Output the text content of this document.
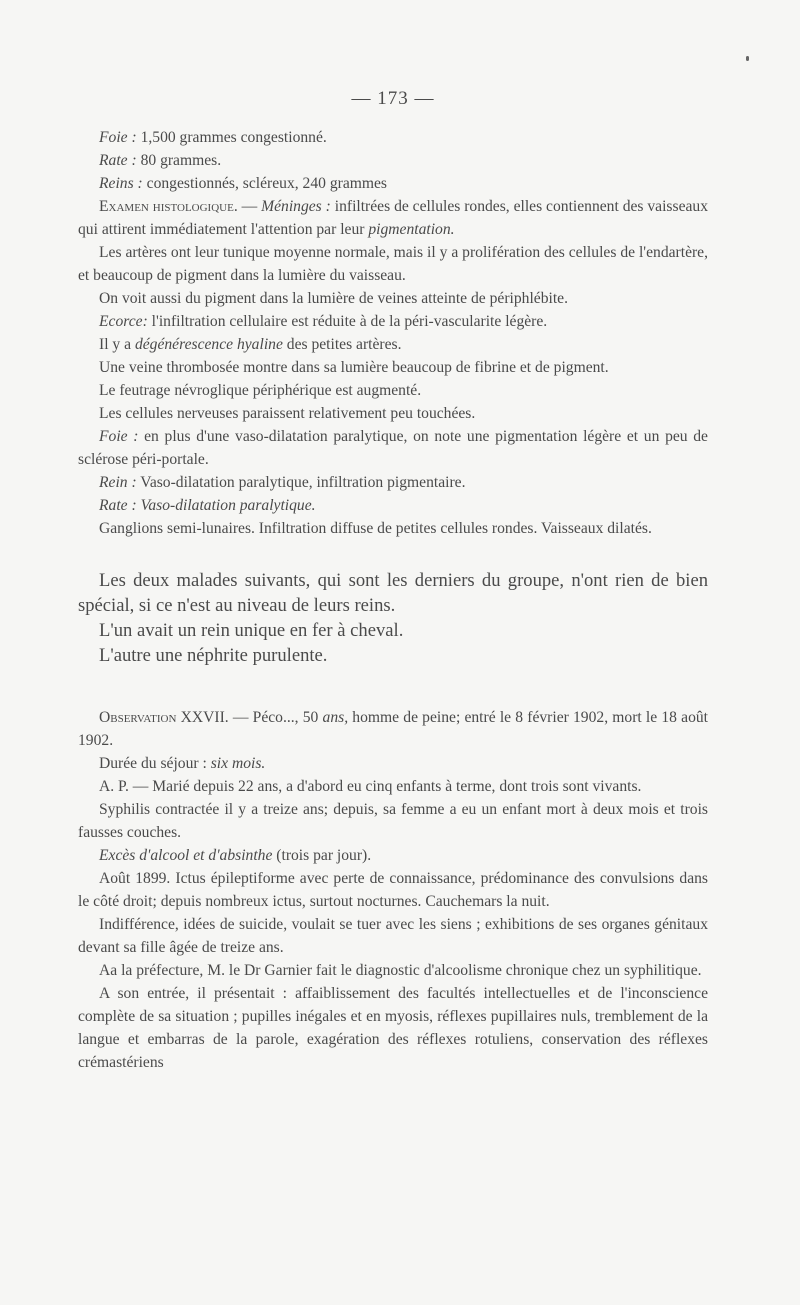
— 173 —

Foie : 1,500 grammes congestionné.

Rate : 80 grammes.

Reins : congestionnés, scléreux, 240 grammes

Examen histologique. — Méninges : infiltrées de cellules rondes, elles contiennent des vaisseaux qui attirent immédiatement l'attention par leur pigmentation.

Les artères ont leur tunique moyenne normale, mais il y a prolifération des cellules de l'endartère, et beaucoup de pigment dans la lumière du vaisseau.

On voit aussi du pigment dans la lumière de veines atteinte de périphlébite.

Ecorce: l'infiltration cellulaire est réduite à de la péri-vascularite légère.

Il y a dégénérescence hyaline des petites artères.

Une veine thrombosée montre dans sa lumière beaucoup de fibrine et de pigment.

Le feutrage névroglique périphérique est augmenté.

Les cellules nerveuses paraissent relativement peu touchées.

Foie : en plus d'une vaso-dilatation paralytique, on note une pigmentation légère et un peu de sclérose péri-portale.

Rein : Vaso-dilatation paralytique, infiltration pigmentaire.

Rate : Vaso-dilatation paralytique.

Ganglions semi-lunaires. Infiltration diffuse de petites cellules rondes. Vaisseaux dilatés.

Les deux malades suivants, qui sont les derniers du groupe, n'ont rien de bien spécial, si ce n'est au niveau de leurs reins.

L'un avait un rein unique en fer à cheval.

L'autre une néphrite purulente.

Observation XXVII. — Péco..., 50 ans, homme de peine; entré le 8 février 1902, mort le 18 août 1902.

Durée du séjour : six mois.

A. P. — Marié depuis 22 ans, a d'abord eu cinq enfants à terme, dont trois sont vivants.

Syphilis contractée il y a treize ans; depuis, sa femme a eu un enfant mort à deux mois et trois fausses couches.

Excès d'alcool et d'absinthe (trois par jour).

Août 1899. Ictus épileptiforme avec perte de connaissance, prédominance des convulsions dans le côté droit; depuis nombreux ictus, surtout nocturnes. Cauchemars la nuit.

Indifférence, idées de suicide, voulait se tuer avec les siens ; exhibitions de ses organes génitaux devant sa fille âgée de treize ans.

Aa la préfecture, M. le Dr Garnier fait le diagnostic d'alcoolisme chronique chez un syphilitique.

A son entrée, il présentait : affaiblissement des facultés intellectuelles et de l'inconscience complète de sa situation ; pupilles inégales et en myosis, réflexes pupillaires nuls, tremblement de la langue et embarras de la parole, exagération des réflexes rotuliens, conservation des réflexes crémastériens
